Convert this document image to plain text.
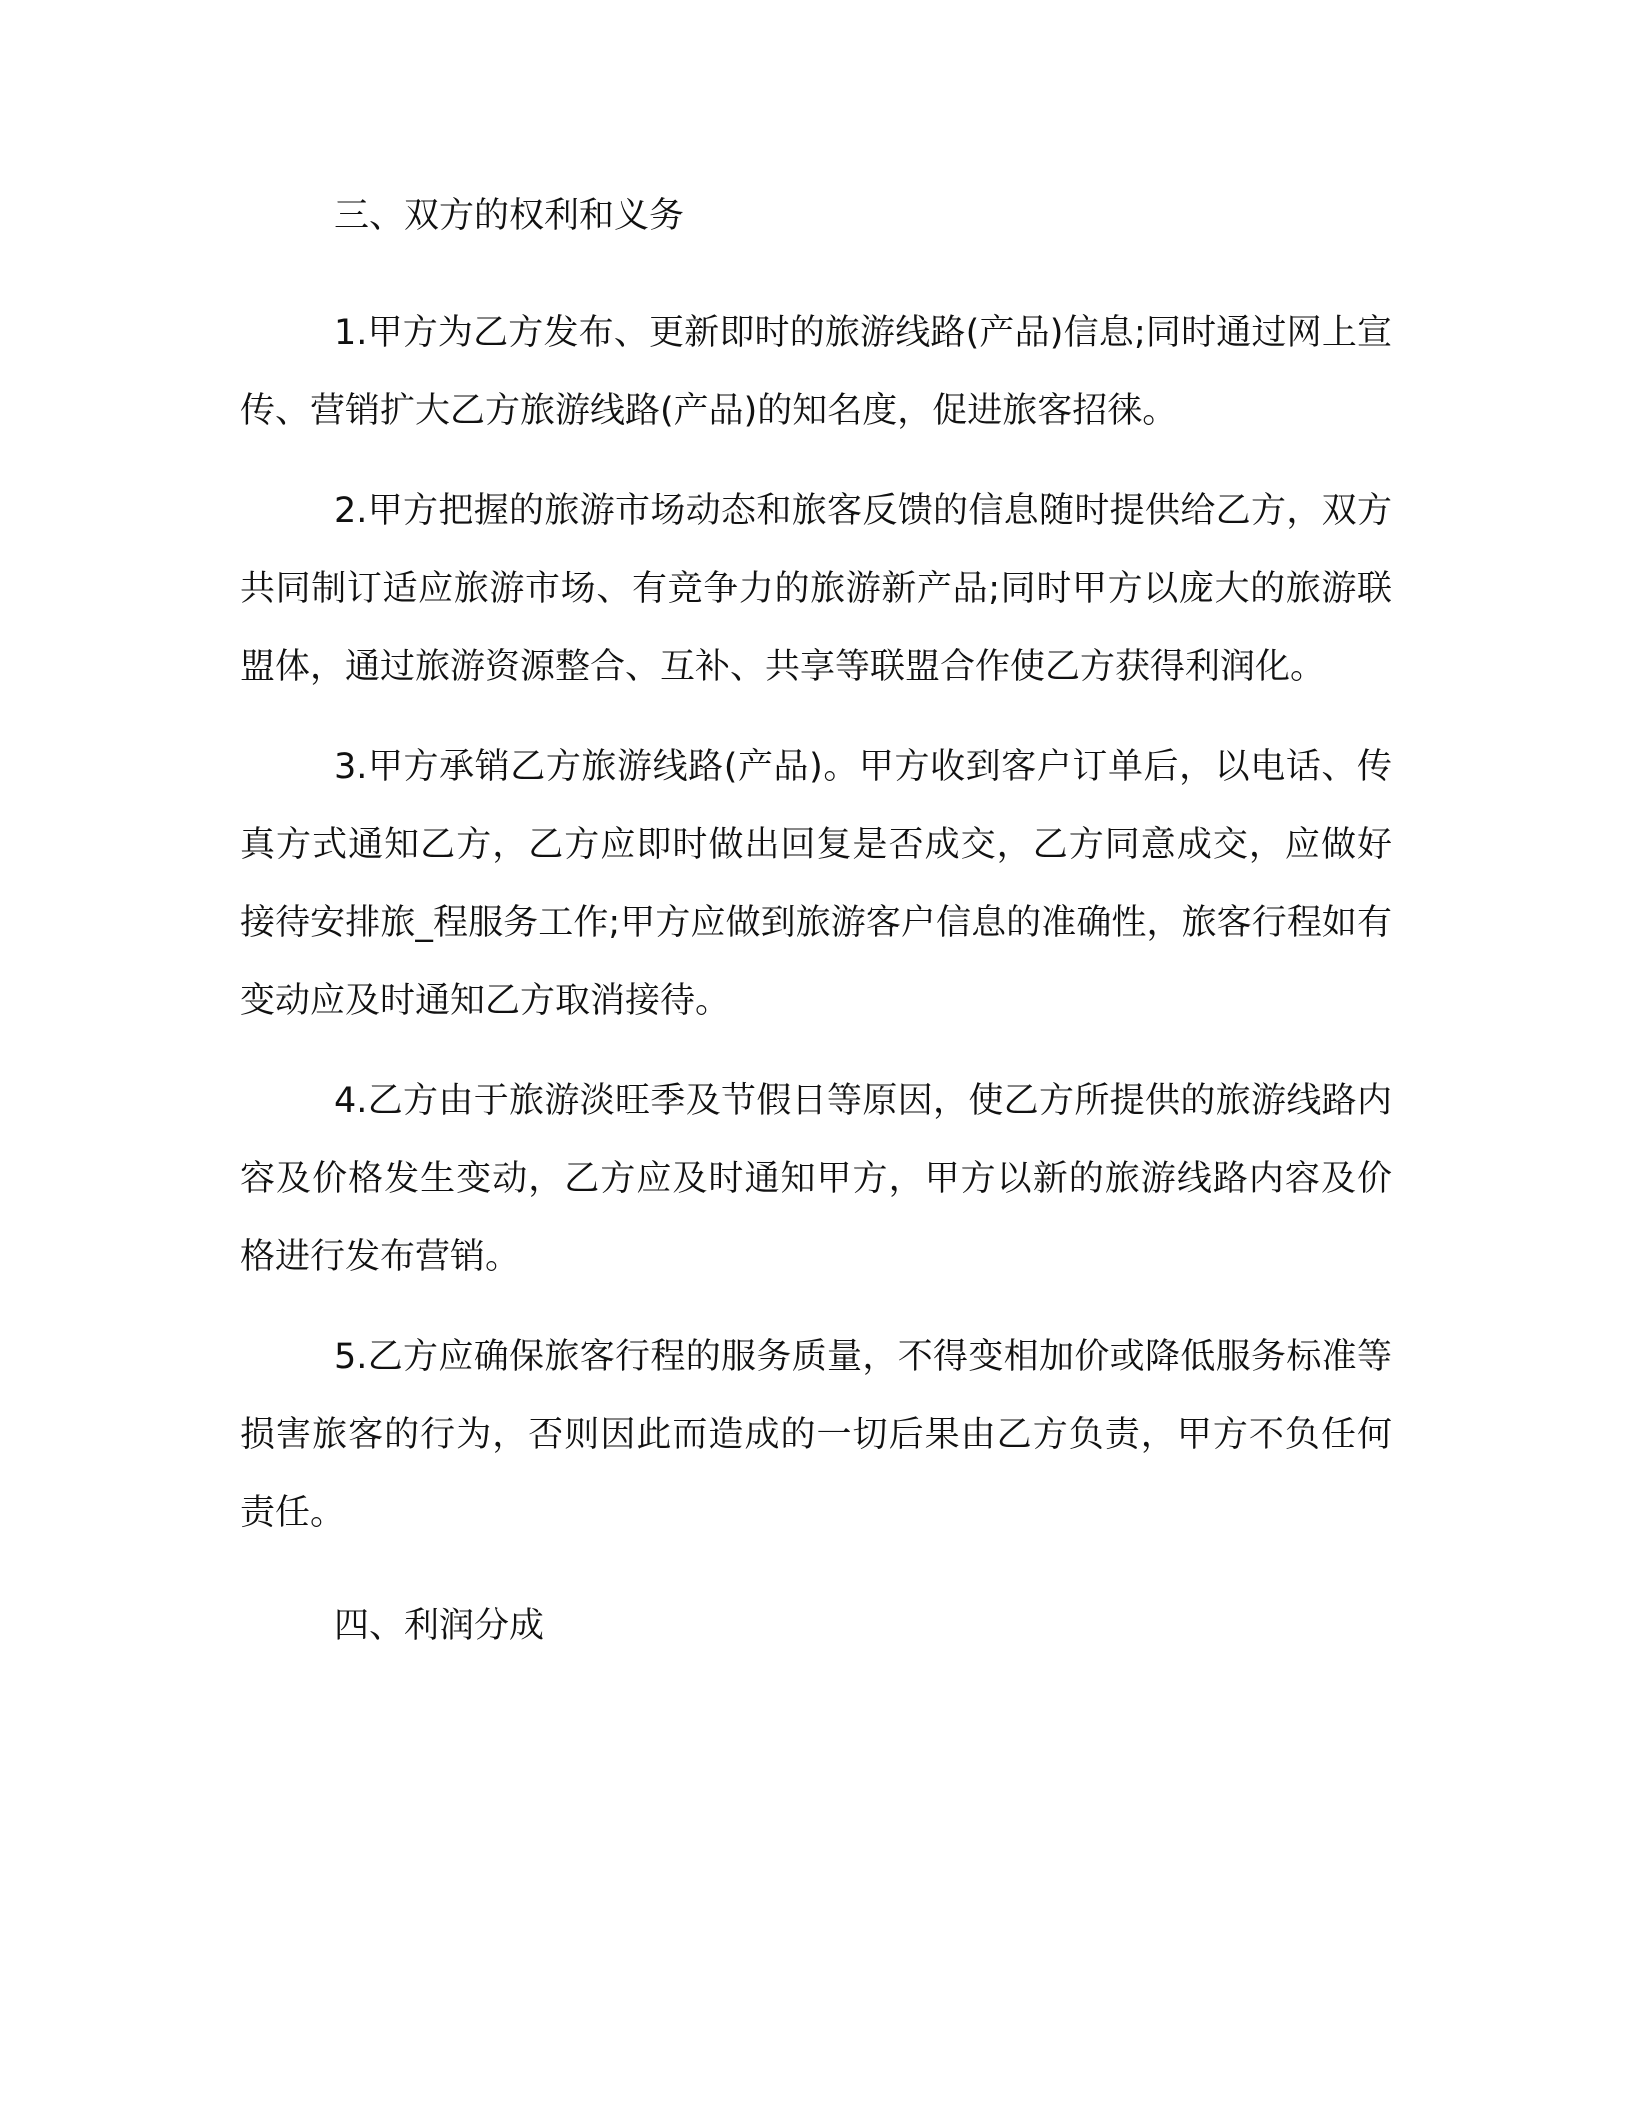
三、双方的权利和义务

1.甲方为乙方发布、更新即时的旅游线路(产品)信息;同时通过网上宣传、营销扩大乙方旅游线路(产品)的知名度，促进旅客招徕。

2.甲方把握的旅游市场动态和旅客反馈的信息随时提供给乙方，双方共同制订适应旅游市场、有竞争力的旅游新产品;同时甲方以庞大的旅游联盟体，通过旅游资源整合、互补、共享等联盟合作使乙方获得利润化。

3.甲方承销乙方旅游线路(产品)。甲方收到客户订单后，以电话、传真方式通知乙方，乙方应即时做出回复是否成交，乙方同意成交，应做好接待安排旅_程服务工作;甲方应做到旅游客户信息的准确性，旅客行程如有变动应及时通知乙方取消接待。

4.乙方由于旅游淡旺季及节假日等原因，使乙方所提供的旅游线路内容及价格发生变动，乙方应及时通知甲方，甲方以新的旅游线路内容及价格进行发布营销。

5.乙方应确保旅客行程的服务质量，不得变相加价或降低服务标准等损害旅客的行为，否则因此而造成的一切后果由乙方负责，甲方不负任何责任。

四、利润分成
